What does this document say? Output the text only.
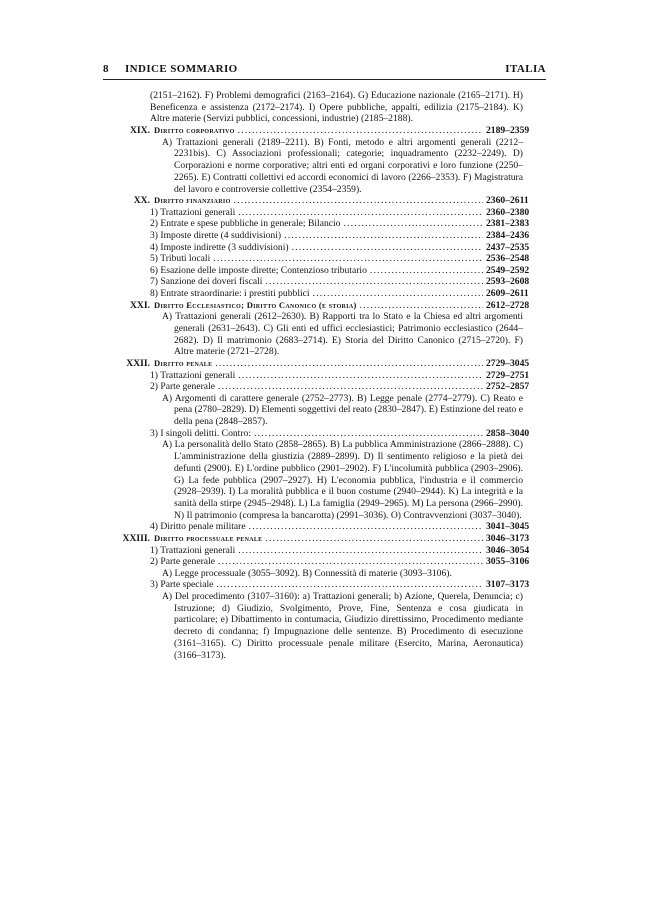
8 INDICE SOMMARIO	ITALIA

(2151–2162). F) Problemi demografici (2163–2164). G) Educazione nazionale (2165–2171). H) Beneficenza e assistenza (2172–2174). I) Opere pubbliche, appalti, edilizia (2175–2184). K) Altre materie (Servizi pubblici, concessioni, industrie) (2185–2188).

XIX. Diritto corporativo . . .	2189–2359

A) Trattazioni generali (2189–2211). B) Fonti, metodo e altri argomenti generali (2212–2231bis). C) Associazioni professionali; categorie; inquadramento (2232–2249). D) Corporazioni e norme corporative; altri enti ed organi corporativi e loro funzione (2250–2265). E) Contratti collettivi ed accordi economici di lavoro (2266–2353). F) Magistratura del lavoro e controversie collettive (2354–2359).

XX. Diritto finanziario . . .	2360–2611
1) Trattazioni generali . . .	2360–2380
2) Entrate e spese pubbliche in generale; Bilancio . . .	2381–2383
3) Imposte dirette (4 suddivisioni) . . .	2384–2436
4) Imposte indirette (3 suddivisioni) . . .	2437–2535
5) Tributi locali . . .	2536–2548
6) Esazione delle imposte dirette; Contenzioso tributario . . .	2549–2592
7) Sanzione dei doveri fiscali . . .	2593–2608
8) Entrate straordinarie: i prestiti pubblici . . .	2609–2611
XXI. Diritto Ecclesiastico; Diritto Canonico (e storia) . . .	2612–2728

A) Trattazioni generali (2612–2630). B) Rapporti tra lo Stato e la Chiesa ed altri argomenti generali (2631–2643). C) Gli enti ed uffici ecclesiastici; Patrimonio ecclesiastico (2644–2682). D) Il matrimonio (2683–2714). E) Storia del Diritto Canonico (2715–2720). F) Altre materie (2721–2728).

XXII. Diritto penale . . .	2729–3045
1) Trattazioni generali . . .	2729–2751
2) Parte generale . . .	2752–2857

A) Argomenti di carattere generale (2752–2773). B) Legge penale (2774–2779). C) Reato e pena (2780–2829). D) Elementi soggettivi del reato (2830–2847). E) Estinzione del reato e della pena (2848–2857).

3) I singoli delitti. Contro: . . .	2858–3040

A) La personalità dello Stato (2858–2865). B) La pubblica Amministrazione (2866–2888). C) L'amministrazione della giustizia (2889–2899). D) Il sentimento religioso e la pietà dei defunti (2900). E) L'ordine pubblico (2901–2902). F) L'incolumità pubblica (2903–2906). G) La fede pubblica (2907–2927). H) L'economia pubblica, l'industria e il commercio (2928–2939). I) La moralità pubblica e il buon costume (2940–2944). K) La integrità e la sanità della stirpe (2945–2948). L) La famiglia (2949–2965). M) La persona (2966–2990). N) Il patrimonio (compresa la bancarotta) (2991–3036). O) Contravvenzioni (3037–3040).

4) Diritto penale militare . . .	3041–3045
XXIII. Diritto processuale penale . . .	3046–3173
1) Trattazioni generali . . .	3046–3054
2) Parte generale . . .	3055–3106

A) Legge processuale (3055–3092). B) Connessità di materie (3093–3106).

3) Parte speciale . . .	3107–3173

A) Del procedimento (3107–3160): a) Trattazioni generali; b) Azione, Querela, Denuncia; c) Istruzione; d) Giudizio, Svolgimento, Prove, Fine, Sentenza e cosa giudicata in particolare; e) Dibattimento in contumacia, Giudizio direttissimo, Procedimento mediante decreto di condanna; f) Impugnazione delle sentenze. B) Procedimento di esecuzione (3161–3165). C) Diritto processuale penale militare (Esercito, Marina, Aeronautica) (3166–3173).
